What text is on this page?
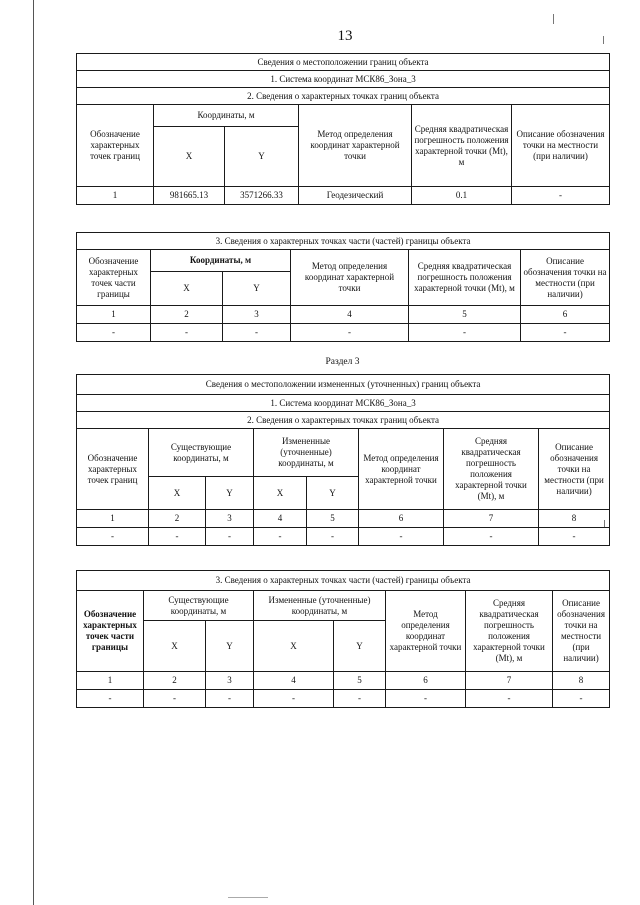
13
Сведения о местоположении границ объекта					
1. Система координат МСК86_Зона_3					
2. Сведения о характерных точках границ объекта					
Обозначение характерных точек границ	Координаты, м		Метод определения координат характерной точки	Средняя квадратическая погрешность положения характерной точки (Mt), м	Описание обозначения точки на местности (при наличии)
	X	Y			
1	981665.13	3571266.33	Геодезический	0.1	-
3. Сведения о характерных точках части (частей) границы объекта					
Обозначение характерных точек части границы	Координаты, м		Метод определения координат характерной точки	Средняя квадратическая погрешность положения характерной точки (Mt), м	Описание обозначения точки на местности (при наличии)
	X	Y			
1	2	3	4	5	6
-	-	-	-	-	-
Раздел 3
Сведения о местоположении измененных (уточненных) границ объекта							
1. Система координат МСК86_Зона_3							
2. Сведения о характерных точках границ объекта							
Обозначение характерных точек границ	Существующие координаты, м		Измененные (уточненные) координаты, м		Метод определения координат характерной точки	Средняя квадратическая погрешность положения характерной точки (Mt), м	Описание обозначения точки на местности (при наличии)
	X	Y	X	Y			
1	2	3	4	5	6	7	8
-	-	-	-	-	-	-	-
3. Сведения о характерных точках части (частей) границы объекта							
Обозначение характерных точек части границы	Существующие координаты, м		Измененные (уточненные) координаты, м		Метод определения координат характерной точки	Средняя квадратическая погрешность положения характерной точки (Mt), м	Описание обозначения точки на местности (при наличии)
	X	Y	X	Y			
1	2	3	4	5	6	7	8
-	-	-	-	-	-	-	-
